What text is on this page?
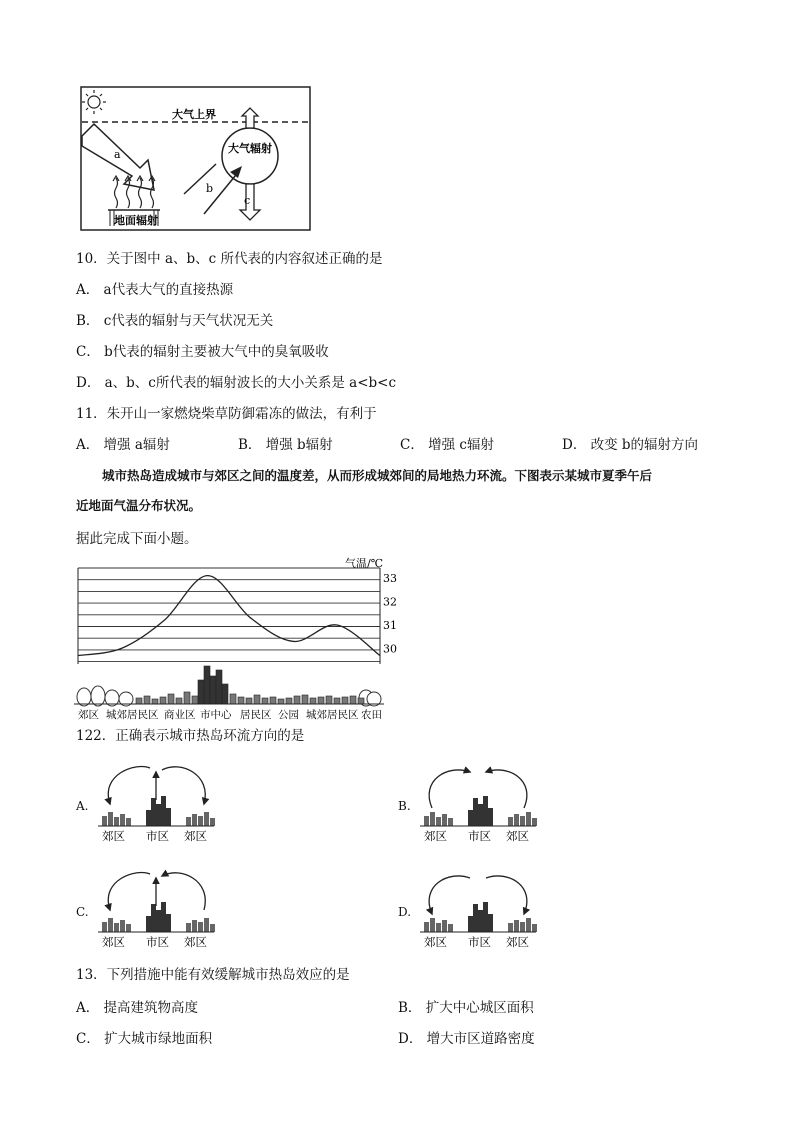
大气上界
a
地面辐射
大气辐射
c
b
10．关于图中 a、b、c 所代表的内容叙述正确的是
A． a代表大气的直接热源
B． c代表的辐射与天气状况无关
C． b代表的辐射主要被大气中的臭氧吸收
D． a、b、c所代表的辐射波长的大小关系是 a<b<c
11．朱开山一家燃烧柴草防御霜冻的做法，有利于
A． 增强 a辐射	B． 增强 b辐射	C． 增强 c辐射	D． 改变 b的辐射方向
城市热岛造成城市与郊区之间的温度差，从而形成城郊间的局地热力环流。下图表示某城市夏季午后
近地面气温分布状况。
据此完成下面小题。
气温/℃
33
32
31
30
郊区 城郊居民区 商业区 市中心 居民区 公园 城郊居民区 农田
122．正确表示城市热岛环流方向的是
A.	B.
C.	D.
郊区 市区 郊区	郊区 市区 郊区
郊区 市区 郊区	郊区 市区 郊区
13．下列措施中能有效缓解城市热岛效应的是
A． 提高建筑物高度	B． 扩大中心城区面积
C． 扩大城市绿地面积	D． 增大市区道路密度
